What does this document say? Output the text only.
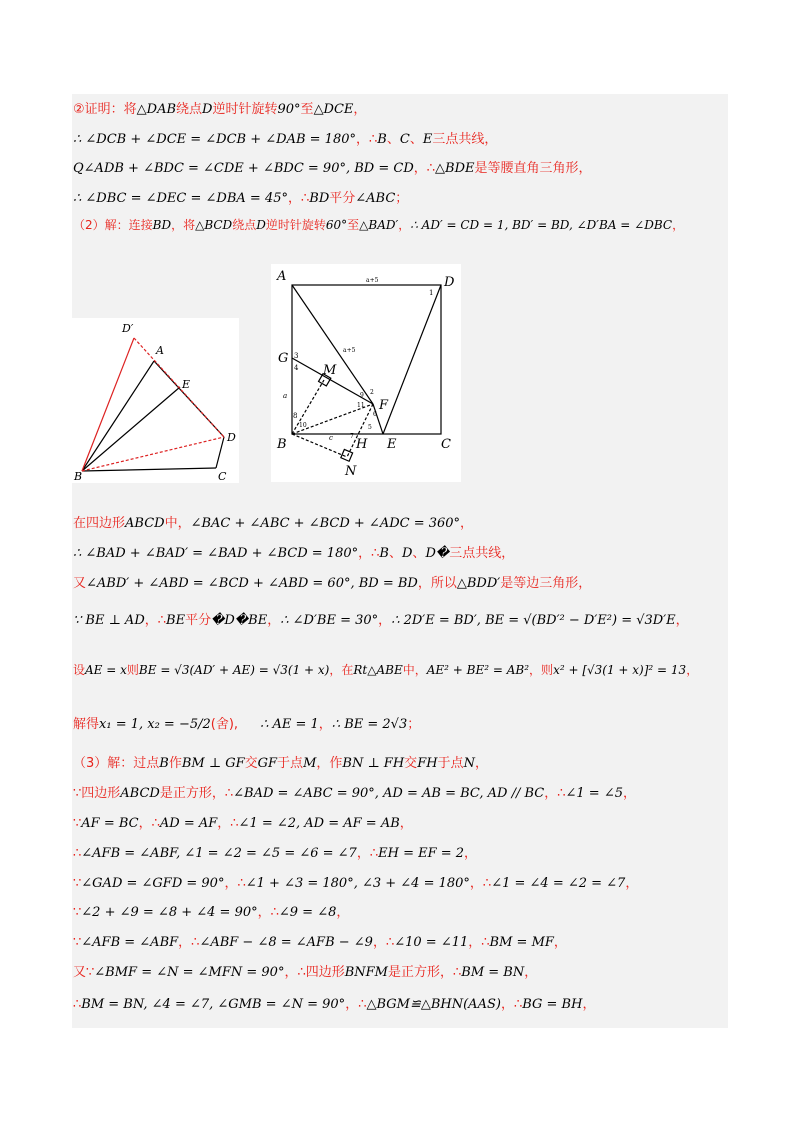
②证明：将△DAB绕点D逆时针旋转90°至△DCE，
∴ ∠DCB + ∠DCE = ∠DCB + ∠DAB = 180°，∴B、C、E三点共线，
Q∠ADB + ∠BDC = ∠CDE + ∠BDC = 90°, BD = CD，∴△BDE是等腰直角三角形，
∴ ∠DBC = ∠DEC = ∠DBA = 45°，∴BD平分∠ABC；
（2）解：连接BD，将△BCD绕点D逆时针旋转60°至△BAD′，∴ AD′ = CD = 1, BD′ = BD, ∠D′BA = ∠DBC，
D′
A
E
D
B	C
A	D
a+5
a+5
G 3
4 M
9 2
11 F
6
a
8
10	5
B	c	7
H E	C
N
1
在四边形ABCD中，∠BAC + ∠ABC + ∠BCD + ∠ADC = 360°，
∴ ∠BAD + ∠BAD′ = ∠BAD + ∠BCD = 180°，∴B、D、D�三点共线，
又∠ABD′ + ∠ABD = ∠BCD + ∠ABD = 60°, BD = BD，所以△BDD′是等边三角形，
∵ BE ⊥ AD，∴BE平分�D�BE，∴ ∠D′BE = 30°，∴ 2D′E = BD′, BE = √(BD′² − D′E²) = √3D′E，
设AE = x则BE = √3(AD′ + AE) = √3(1 + x)，在Rt△ABE中，AE² + BE² = AB²，则x² + [√3(1 + x)]² = 13，
解得x₁ = 1, x₂ = −5/2(舍), ∴ AE = 1，∴ BE = 2√3；
（3）解：过点B作BM ⊥ GF交GF于点M，作BN ⊥ FH交FH于点N，
∵四边形ABCD是正方形，∴∠BAD = ∠ABC = 90°, AD = AB = BC, AD // BC，∴∠1 = ∠5，
∵AF = BC，∴AD = AF，∴∠1 = ∠2, AD = AF = AB，
∴∠AFB = ∠ABF, ∠1 = ∠2 = ∠5 = ∠6 = ∠7，∴EH = EF = 2，
∵∠GAD = ∠GFD = 90°，∴∠1 + ∠3 = 180°, ∠3 + ∠4 = 180°，∴∠1 = ∠4 = ∠2 = ∠7，
∵∠2 + ∠9 = ∠8 + ∠4 = 90°，∴∠9 = ∠8，
∵∠AFB = ∠ABF，∴∠ABF − ∠8 = ∠AFB − ∠9，∴∠10 = ∠11，∴BM = MF，
又∵∠BMF = ∠N = ∠MFN = 90°，∴四边形BNFM是正方形，∴BM = BN，
∴BM = BN, ∠4 = ∠7, ∠GMB = ∠N = 90°，∴△BGM≌△BHN(AAS)，∴BG = BH，
